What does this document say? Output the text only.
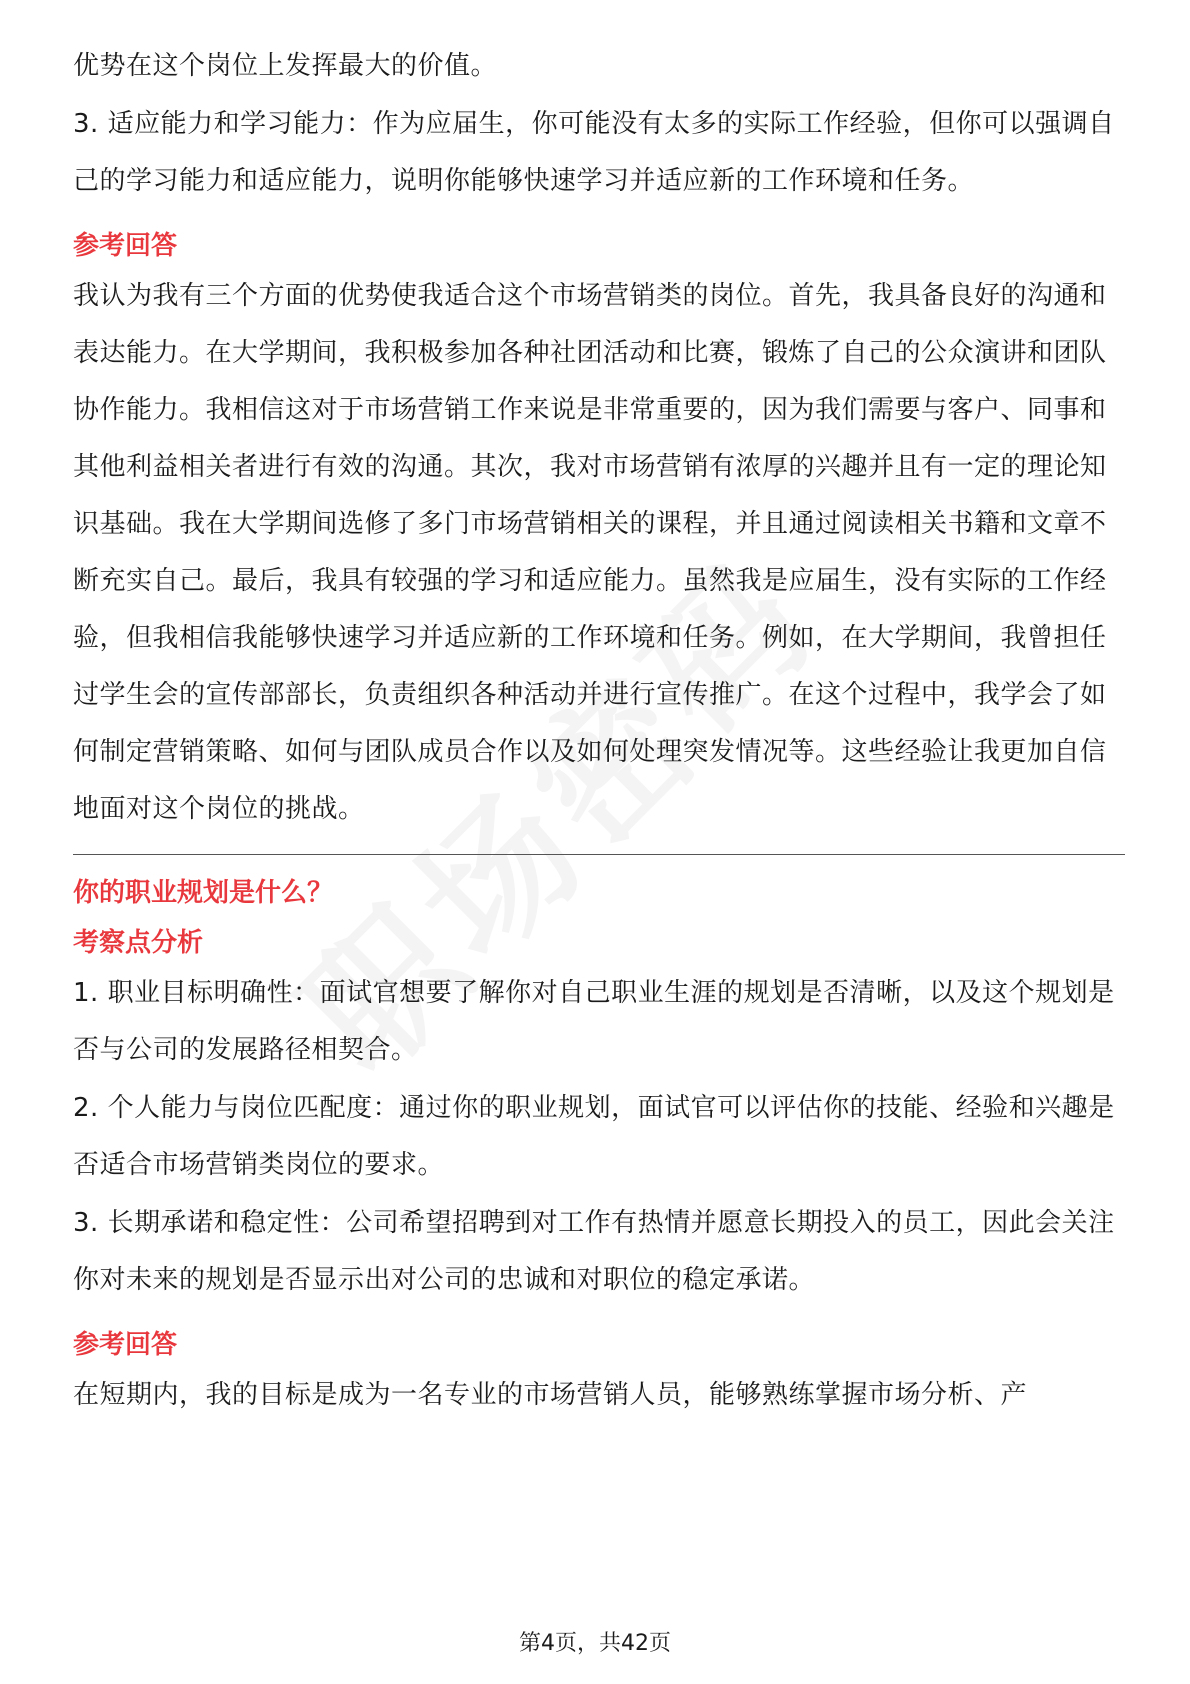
优势在这个岗位上发挥最大的价值。

3. 适应能力和学习能力：作为应届生，你可能没有太多的实际工作经验，但你可以强调自己的学习能力和适应能力，说明你能够快速学习并适应新的工作环境和任务。

参考回答

我认为我有三个方面的优势使我适合这个市场营销类的岗位。首先，我具备良好的沟通和表达能力。在大学期间，我积极参加各种社团活动和比赛，锻炼了自己的公众演讲和团队协作能力。我相信这对于市场营销工作来说是非常重要的，因为我们需要与客户、同事和其他利益相关者进行有效的沟通。其次，我对市场营销有浓厚的兴趣并且有一定的理论知识基础。我在大学期间选修了多门市场营销相关的课程，并且通过阅读相关书籍和文章不断充实自己。最后，我具有较强的学习和适应能力。虽然我是应届生，没有实际的工作经验，但我相信我能够快速学习并适应新的工作环境和任务。例如，在大学期间，我曾担任过学生会的宣传部部长，负责组织各种活动并进行宣传推广。在这个过程中，我学会了如何制定营销策略、如何与团队成员合作以及如何处理突发情况等。这些经验让我更加自信地面对这个岗位的挑战。

你的职业规划是什么？

考察点分析

1. 职业目标明确性：面试官想要了解你对自己职业生涯的规划是否清晰，以及这个规划是否与公司的发展路径相契合。

2. 个人能力与岗位匹配度：通过你的职业规划，面试官可以评估你的技能、经验和兴趣是否适合市场营销类岗位的要求。

3. 长期承诺和稳定性：公司希望招聘到对工作有热情并愿意长期投入的员工，因此会关注你对未来的规划是否显示出对公司的忠诚和对职位的稳定承诺。

参考回答

在短期内，我的目标是成为一名专业的市场营销人员，能够熟练掌握市场分析、产

第4页，共42页
